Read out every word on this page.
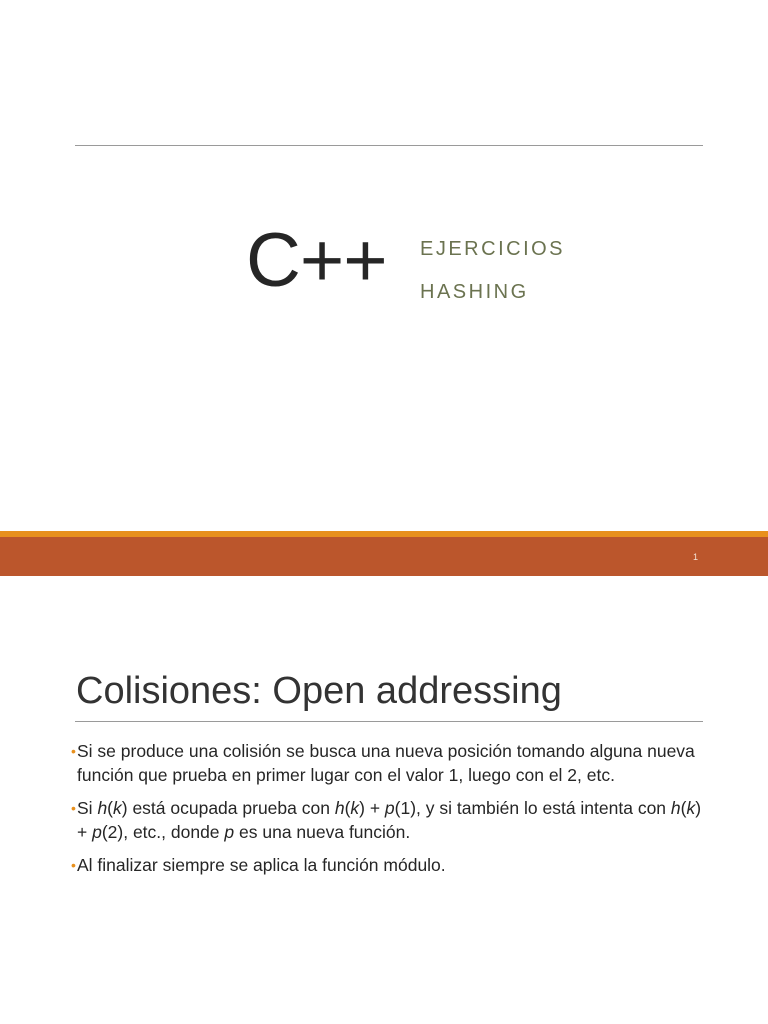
C++ EJERCICIOS
HASHING
1
Colisiones: Open addressing
• Si se produce una colisión se busca una nueva posición tomando alguna nueva función que prueba en primer lugar con el valor 1, luego con el 2, etc.
• Si h(k) está ocupada prueba con h(k) + p(1), y si también lo está intenta con h(k) + p(2), etc., donde p es una nueva función.
• Al finalizar siempre se aplica la función módulo.
